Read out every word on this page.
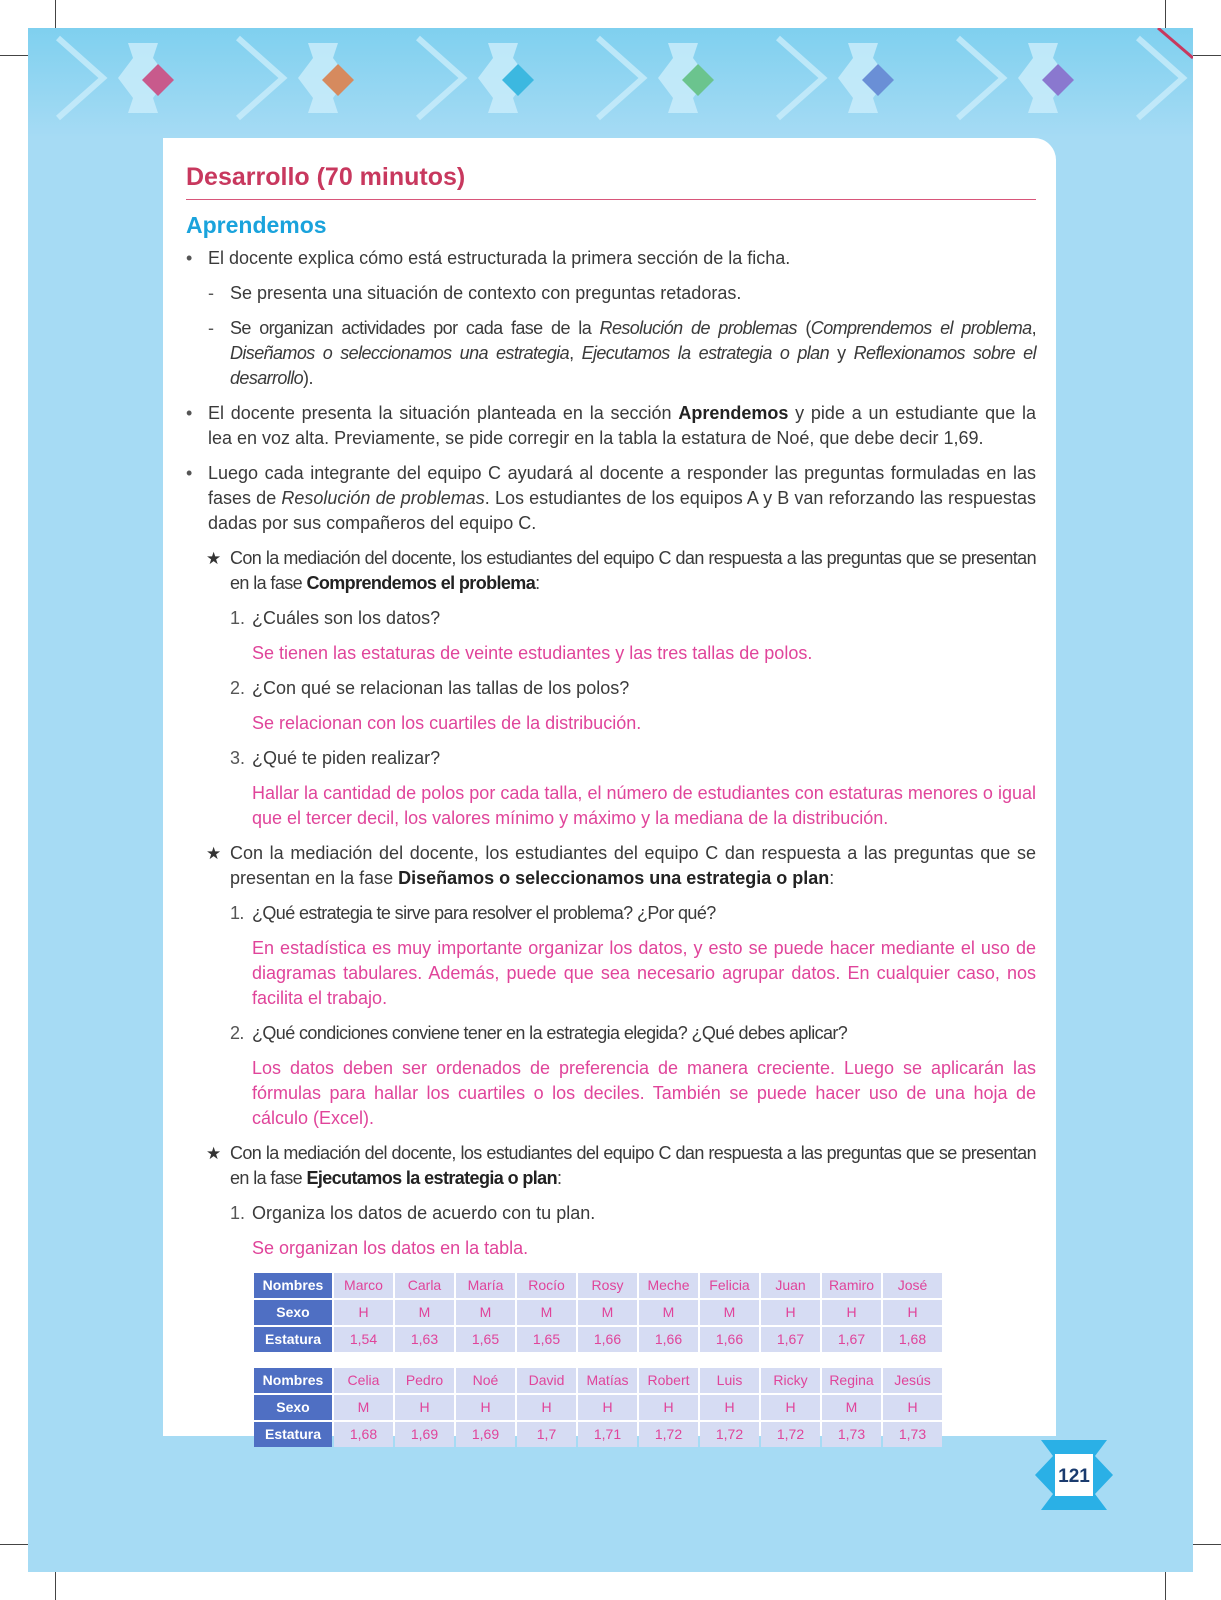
Desarrollo (70 minutos)
Aprendemos
• El docente explica cómo está estructurada la primera sección de la ficha.

- Se presenta una situación de contexto con preguntas retadoras.

- Se organizan actividades por cada fase de la Resolución de problemas (Comprendemos el problema, Diseñamos o seleccionamos una estrategia, Ejecutamos la estrategia o plan y Reflexionamos sobre el desarrollo).

• El docente presenta la situación planteada en la sección Aprendemos y pide a un estudiante que la lea en voz alta. Previamente, se pide corregir en la tabla la estatura de Noé, que debe decir 1,69.

• Luego cada integrante del equipo C ayudará al docente a responder las preguntas formuladas en las fases de Resolución de problemas. Los estudiantes de los equipos A y B van reforzando las respuestas dadas por sus compañeros del equipo C.

★ Con la mediación del docente, los estudiantes del equipo C dan respuesta a las preguntas que se presentan en la fase Comprendemos el problema:

1. ¿Cuáles son los datos?

Se tienen las estaturas de veinte estudiantes y las tres tallas de polos.

2. ¿Con qué se relacionan las tallas de los polos?

Se relacionan con los cuartiles de la distribución.

3. ¿Qué te piden realizar?

Hallar la cantidad de polos por cada talla, el número de estudiantes con estaturas menores o igual que el tercer decil, los valores mínimo y máximo y la mediana de la distribución.

★ Con la mediación del docente, los estudiantes del equipo C dan respuesta a las preguntas que se presentan en la fase Diseñamos o seleccionamos una estrategia o plan:

1. ¿Qué estrategia te sirve para resolver el problema? ¿Por qué?

En estadística es muy importante organizar los datos, y esto se puede hacer mediante el uso de diagramas tabulares. Además, puede que sea necesario agrupar datos. En cualquier caso, nos facilita el trabajo.

2. ¿Qué condiciones conviene tener en la estrategia elegida? ¿Qué debes aplicar?

Los datos deben ser ordenados de preferencia de manera creciente. Luego se aplicarán las fórmulas para hallar los cuartiles o los deciles. También se puede hacer uso de una hoja de cálculo (Excel).

★ Con la mediación del docente, los estudiantes del equipo C dan respuesta a las preguntas que se presentan en la fase Ejecutamos la estrategia o plan:

1. Organiza los datos de acuerdo con tu plan.

Se organizan los datos en la tabla.

Nombres	Marco	Carla	María	Rocío	Rosy	Meche	Felicia	Juan	Ramiro	José
Sexo	H	M	M	M	M	M	M	H	H	H
Estatura	1,54	1,63	1,65	1,65	1,66	1,66	1,66	1,67	1,67	1,68
Nombres	Celia	Pedro	Noé	David	Matías	Robert	Luis	Ricky	Regina	Jesús
Sexo	M	H	H	H	H	H	H	H	M	H
Estatura	1,68	1,69	1,69	1,7	1,71	1,72	1,72	1,72	1,73	1,73
121
